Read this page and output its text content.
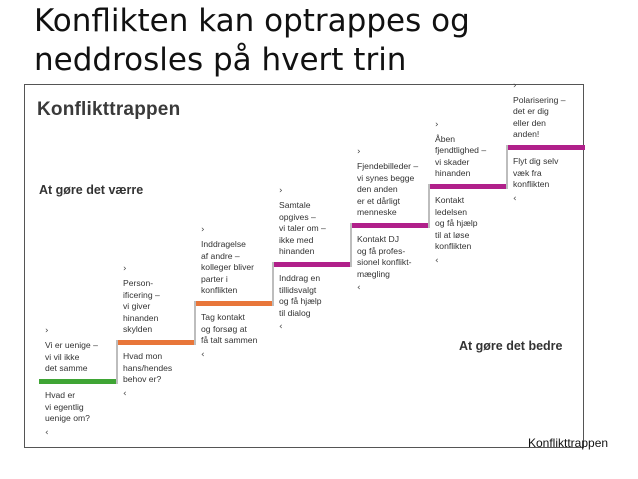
Konflikten kan optrappes og
neddrosles på hvert trin
Konflikttrappen
At gøre det værre
At gøre det bedre
›
Vi er uenige –
vi vil ikke
det samme
Hvad er
vi egentlig
uenige om?
‹
›
Person-
ificering –
vi giver
hinanden
skylden
Hvad mon
hans/hendes
behov er?
‹
›
Inddragelse
af andre –
kolleger bliver
parter i
konflikten
Tag kontakt
og forsøg at
få talt sammen
‹
›
Samtale
opgives –
vi taler om –
ikke med
hinanden
Inddrag en
tillidsvalgt
og få hjælp
til dialog
‹
›
Fjendebilleder –
vi synes begge
den anden
er et dårligt
menneske
Kontakt DJ
og få profes-
sionel konflikt-
mægling
‹
›
Åben
fjendtlighed –
vi skader
hinanden
Kontakt
ledelsen
og få hjælp
til at løse
konflikten
‹
›
Polarisering –
det er dig
eller den
anden!
Flyt dig selv
væk fra
konflikten
‹
Konflikttrappen
